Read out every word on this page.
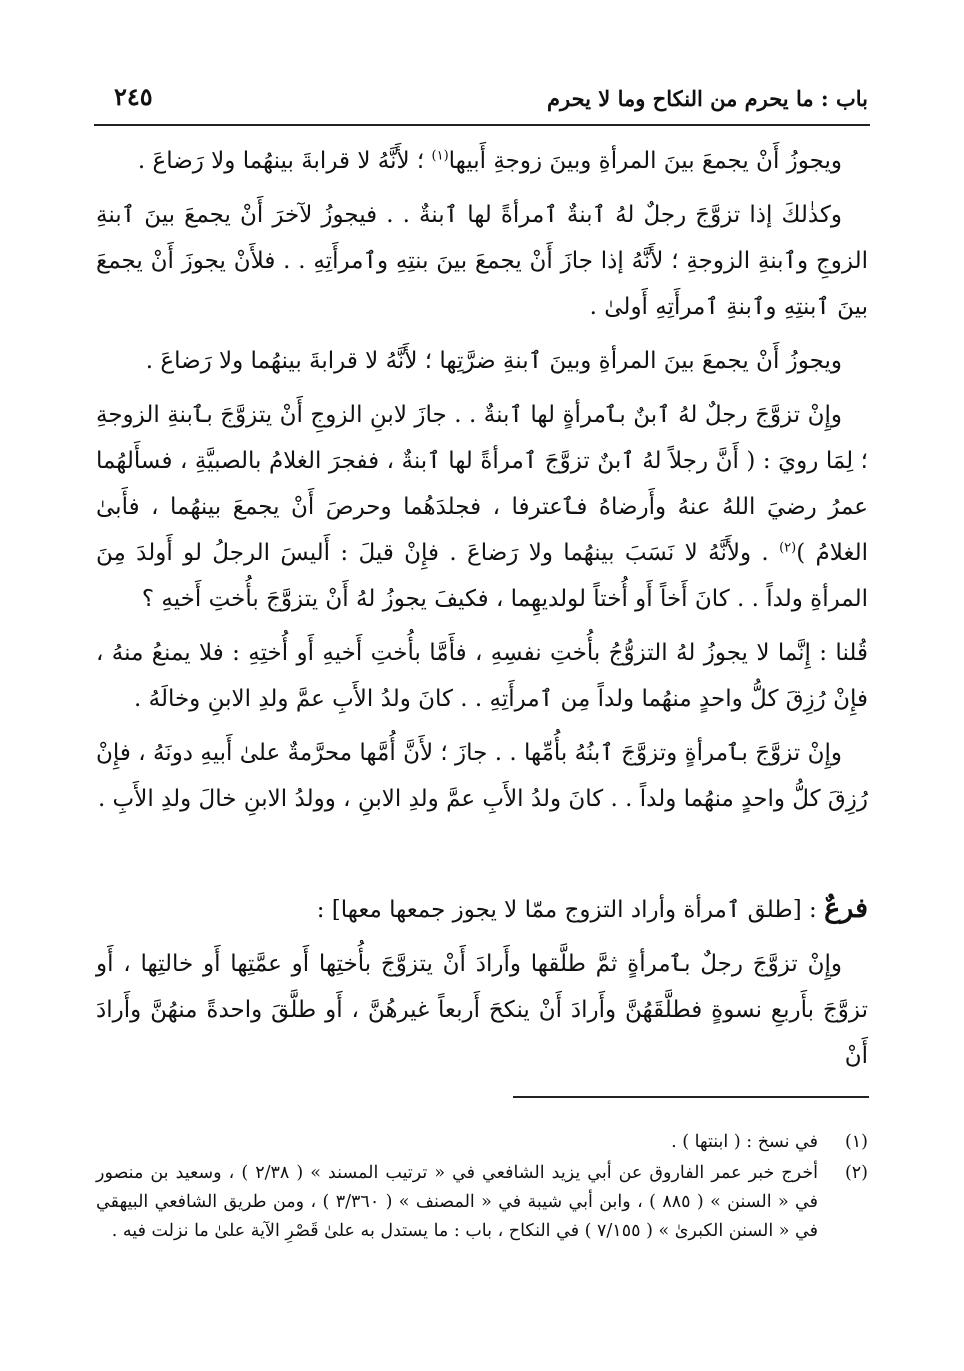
باب : ما يحرم من النكاح وما لا يحرم
٢٤٥

ويجوزُ أَنْ يجمعَ بينَ المرأةِ وبينَ زوجةِ أَبيها$^{(١)}$ ؛ لأَنَّهُ لا قرابةَ بينهُما ولا رَضاعَ .

وكذٰلكَ إذا تزوَّجَ رجلٌ لهُ ٱبنةٌ ٱمرأةً لها ٱبنةٌ . . فيجوزُ لآخرَ أَنْ يجمعَ بينَ ٱبنةِ الزوجِ وٱبنةِ الزوجةِ ؛ لأَنَّهُ إذا جازَ أَنْ يجمعَ بينَ بنتِهِ وٱمرأَتِهِ . . فلأَنْ يجوزَ أَنْ يجمعَ بينَ ٱبنتِهِ وٱبنةِ ٱمرأَتِهِ أَولىٰ .

ويجوزُ أَنْ يجمعَ بينَ المرأةِ وبينَ ٱبنةِ ضرَّتِها ؛ لأَنَّهُ لا قرابةَ بينهُما ولا رَضاعَ .

وإِنْ تزوَّجَ رجلٌ لهُ ٱبنٌ بٱمرأةٍ لها ٱبنةٌ . . جازَ لابنِ الزوجِ أَنْ يتزوَّجَ بٱبنةِ الزوجةِ ؛ لِمَا رويَ : ( أَنَّ رجلاً لهُ ٱبنٌ تزوَّجَ ٱمرأةً لها ٱبنةٌ ، ففجرَ الغلامُ بالصبيَّةِ ، فسأَلهُما عمرُ رضيَ اللهُ عنهُ وأَرضاهُ فٱعترفا ، فجلدَهُما وحرصَ أَنْ يجمعَ بينهُما ، فأَبىٰ الغلامُ )$^{(٢)}$ . ولأَنَّهُ لا نَسَبَ بينهُما ولا رَضاعَ . فإِنْ قيلَ : أَليسَ الرجلُ لو أَولدَ مِنَ المرأةِ ولداً . . كانَ أَخاً أَو أُختاً لولديهِما ، فكيفَ يجوزُ لهُ أَنْ يتزوَّجَ بأُختِ أَخيهِ ؟

قُلنا : إِنَّما لا يجوزُ لهُ التزوُّجُ بأُختِ نفسِهِ ، فأَمَّا بأُختِ أَخيهِ أَو أُختِهِ : فلا يمنعُ منهُ ، فإِنْ رُزِقَ كلُّ واحدٍ منهُما ولداً مِن ٱمرأَتِهِ . . كانَ ولدُ الأَبِ عمَّ ولدِ الابنِ وخالَهُ .

وإِنْ تزوَّجَ بٱمرأةٍ وتزوَّجَ ٱبنُهُ بأُمِّها . . جازَ ؛ لأَنَّ أُمَّها محرَّمةٌ علىٰ أَبيهِ دونَهُ ، فإِنْ رُزِقَ كلُّ واحدٍ منهُما ولداً . . كانَ ولدُ الأَبِ عمَّ ولدِ الابنِ ، وولدُ الابنِ خالَ ولدِ الأَبِ .

فرعٌ : [طلق ٱمرأة وأراد التزوج ممّا لا يجوز جمعها معها] :

وإِنْ تزوَّجَ رجلٌ بٱمرأةٍ ثمَّ طلَّقها وأَرادَ أَنْ يتزوَّجَ بأُختِها أَو عمَّتِها أَو خالتِها ، أَو تزوَّجَ بأَربعِ نسوةٍ فطلَّقَهُنَّ وأَرادَ أَنْ ينكحَ أَربعاً غيرهُنَّ ، أَو طلَّقَ واحدةً منهُنَّ وأَرادَ أَنْ

(١)
في نسخ : ( ابنتها ) .
(٢)
أخرج خبر عمر الفاروق عن أبي يزيد الشافعي في « ترتيب المسند » ( ٢/٣٨ ) ، وسعيد بن منصور في « السنن » ( ٨٨٥ ) ، وابن أبي شيبة في « المصنف » ( ٣/٣٦٠ ) ، ومن طريق الشافعي البيهقي في « السنن الكبرىٰ » ( ٧/١٥٥ ) في النكاح ، باب : ما يستدل به علىٰ قَصْرِ الآية علىٰ ما نزلت فيه .
